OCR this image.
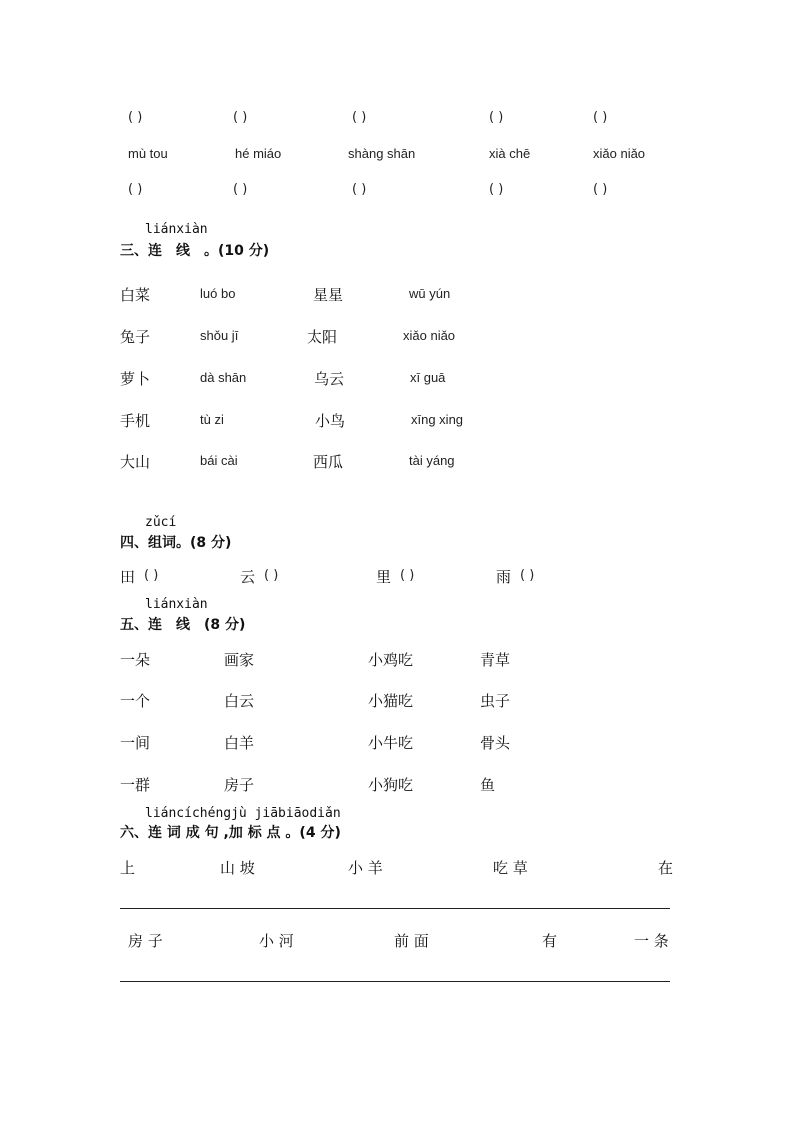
( )	( )	( )	( )	( )
mù tou	hé miáo	shàng shān	xià chē	xiǎo niǎo
( )	( )	( )	( )	( )
liánxiàn
三、连　线　。(10 分)
白菜	luó bo	星星	wū yún
兔子	shǒu jī	太阳	xiǎo niǎo
萝卜	dà shān	乌云	xī guā
手机	tù zi	小鸟	xīng xing
大山	bái cài	西瓜	tài yáng
zǔcí
四、组词。(8 分)
田 ( )	云 ( )	里 ( )	雨 ( )
liánxiàn
五、连　线　(8 分)
一朵	画家	小鸡吃	青草
一个	白云	小猫吃	虫子
一间	白羊	小牛吃	骨头
一群	房子	小狗吃	鱼
liáncíchéngjù jiābiāodiǎn
六、连 词 成 句 ,加 标 点 。(4 分)
上	山 坡	小 羊	吃 草	在
房 子	小 河	前 面	有	一 条
